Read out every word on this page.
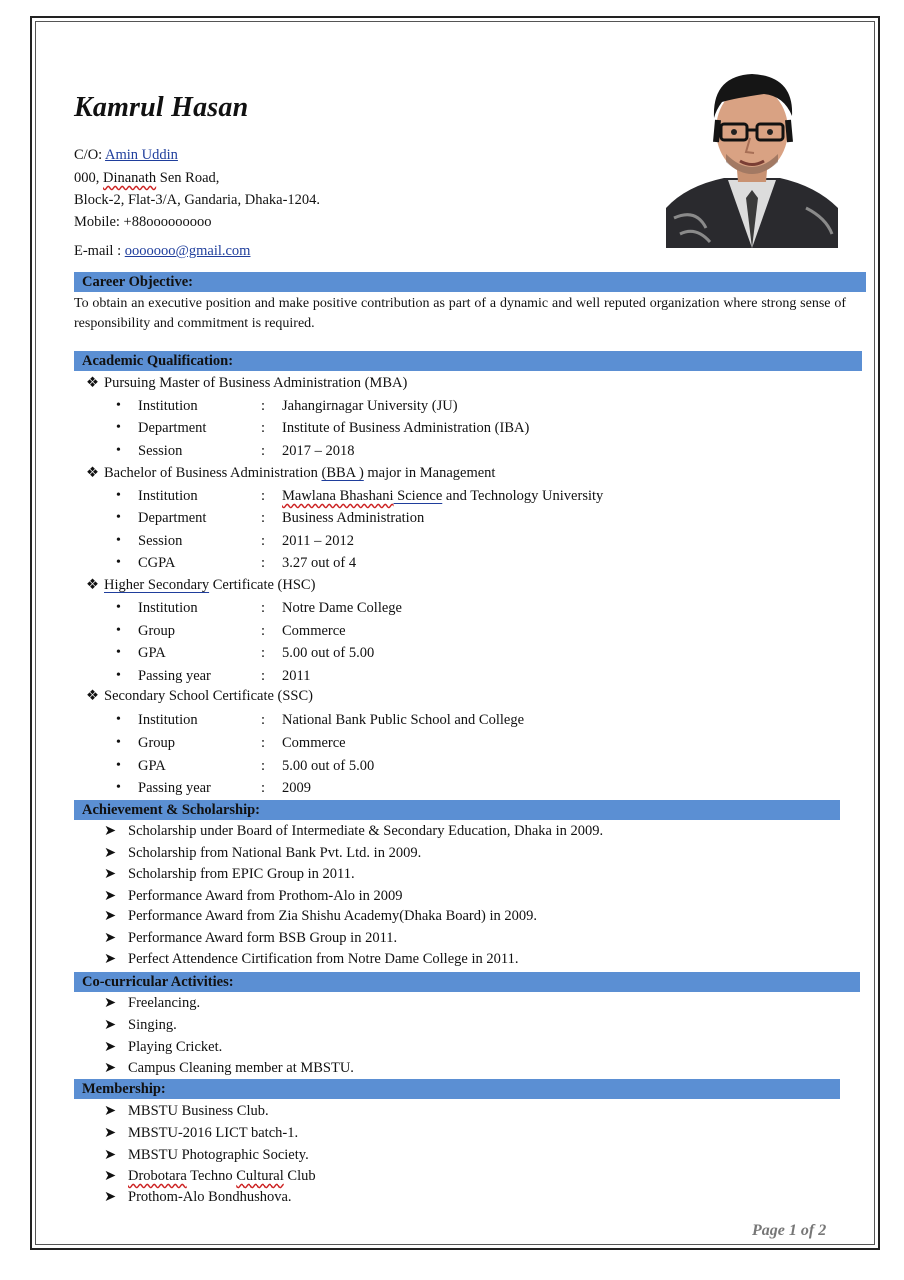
Kamrul Hasan
C/O: Amin Uddin
000, Dinanath Sen Road,
Block-2, Flat-3/A, Gandaria, Dhaka-1204.
Mobile: +88ooooooooo
E-mail : ooooooo@gmail.com
Career Objective:
To obtain an executive position and make positive contribution as part of a dynamic and well reputed organization where strong sense of responsibility and commitment is required.
Academic Qualification:
❖ Pursuing Master of Business Administration (MBA)
• Institution	: Jahangirnagar University (JU)
• Department	: Institute of Business Administration (IBA)
• Session	: 2017 – 2018
❖ Bachelor of Business Administration (BBA ) major in Management
• Institution	: Mawlana Bhashani Science and Technology University
• Department	: Business Administration
• Session	: 2011 – 2012
• CGPA	: 3.27 out of 4
❖ Higher Secondary Certificate (HSC)
• Institution	: Notre Dame College
• Group	: Commerce
• GPA	: 5.00 out of 5.00
• Passing year	: 2011
❖ Secondary School Certificate (SSC)
• Institution	: National Bank Public School and College
• Group	: Commerce
• GPA	: 5.00 out of 5.00
• Passing year	: 2009
Achievement & Scholarship:
➤ Scholarship under Board of Intermediate & Secondary Education, Dhaka in 2009.
➤ Scholarship from National Bank Pvt. Ltd. in 2009.
➤ Scholarship from EPIC Group in 2011.
➤ Performance Award from Prothom-Alo in 2009
➤ Performance Award from Zia Shishu Academy(Dhaka Board) in 2009.
➤ Performance Award form BSB Group in 2011.
➤ Perfect Attendence Cirtification from Notre Dame College in 2011.
Co-curricular Activities:
➤ Freelancing.
➤ Singing.
➤ Playing Cricket.
➤ Campus Cleaning member at MBSTU.
Membership:
➤ MBSTU Business Club.
➤ MBSTU-2016 LICT batch-1.
➤ MBSTU Photographic Society.
➤ Drobotara Techno Cultural Club
➤ Prothom-Alo Bondhushova.
Page 1 of 2
